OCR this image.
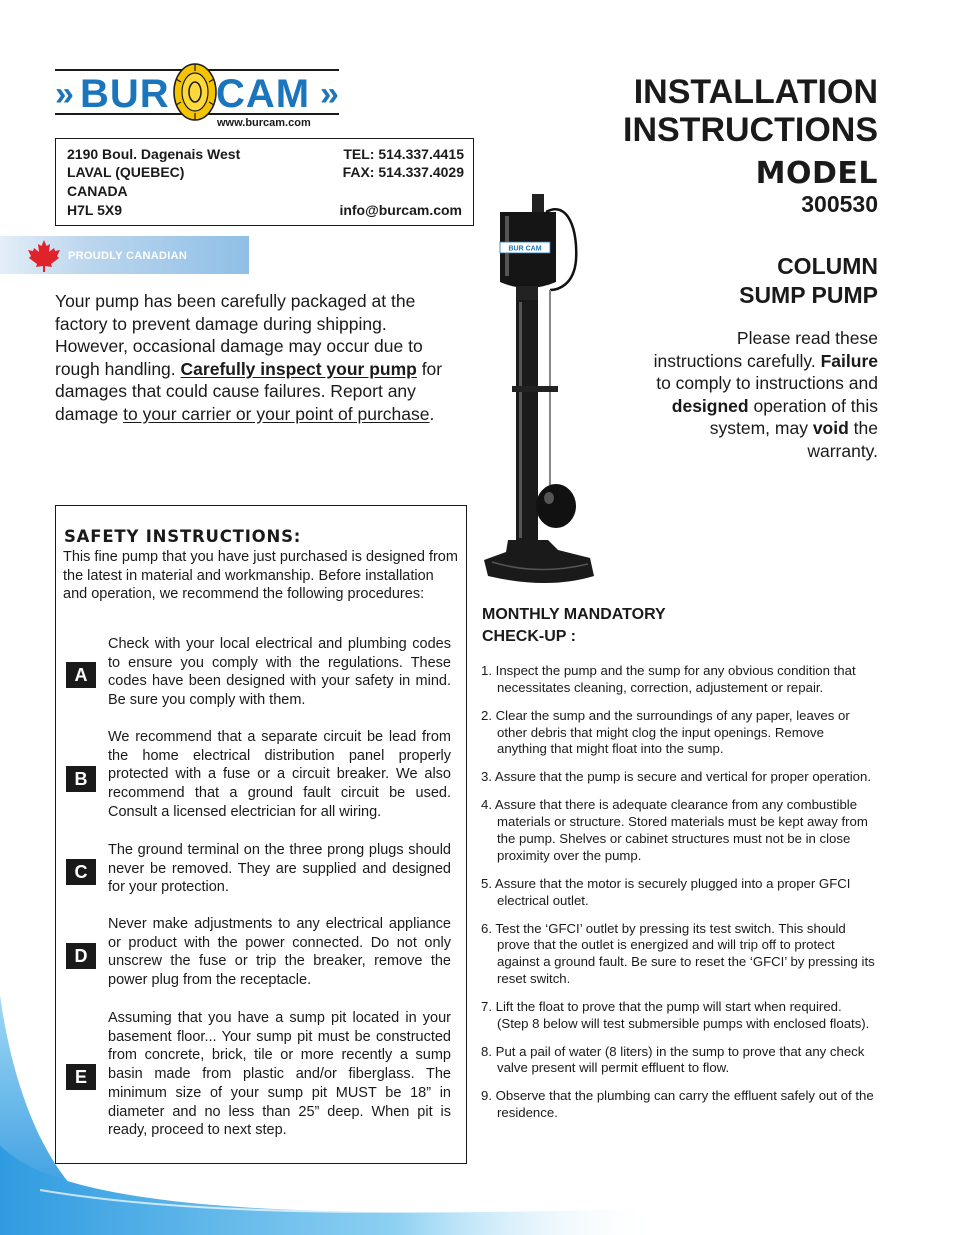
» BUR CAM »
www.burcam.com
2190 Boul. Dagenais West
LAVAL (QUEBEC)
CANADA
H7L 5X9
TEL: 514.337.4415
FAX: 514.337.4029
info@burcam.com
PROUDLY CANADIAN
Your pump has been carefully packaged at the factory to prevent damage during shipping. However, occasional damage may occur due to rough handling. Carefully inspect your pump for damages that could cause failures. Report any damage to your carrier or your point of purchase.
BUR CAM
INSTALLATION
INSTRUCTIONS
MODEL
300530
COLUMN
SUMP PUMP
Please read these instructions carefully. Failure to comply to instructions and designed operation of this system, may void the warranty.
SAFETY INSTRUCTIONS:
This fine pump that you have just purchased is designed from the latest in material and workmanship. Before installation and operation, we recommend the following procedures:
A
Check with your local electrical and plumbing codes to ensure you comply with the regulations. These codes have been designed with your safety in mind. Be sure you comply with them.
B
We recommend that a separate circuit be lead from the home electrical distribution panel properly protected with a fuse or a circuit breaker. We also recommend that a ground fault circuit be used. Consult a licensed electrician for all wiring.
C
The ground terminal on the three prong plugs should never be removed. They are supplied and designed for your protection.
D
Never make adjustments to any electrical appliance or product with the power connected. Do not only unscrew the fuse or trip the breaker, remove the power plug from the receptacle.
E
Assuming that you have a sump pit located in your basement floor... Your sump pit must be constructed from concrete, brick, tile or more recently a sump basin made from plastic and/or fiberglass. The minimum size of your sump pit MUST be 18” in diameter and no less than 25” deep. When pit is ready, proceed to next step.
MONTHLY MANDATORY
CHECK-UP :
1. Inspect the pump and the sump for any obvious condition that necessitates cleaning, correction, adjustement or repair.
2. Clear the sump and the surroundings of any paper, leaves or other debris that might clog the input openings. Remove anything that might float into the sump.
3. Assure that the pump is secure and vertical for proper operation.
4. Assure that there is adequate clearance from any combustible materials or structure. Stored materials must be kept away from the pump. Shelves or cabinet structures must not be in close proximity over the pump.
5. Assure that the motor is securely plugged into a proper GFCI electrical outlet.
6. Test the ‘GFCI’ outlet by pressing its test switch. This should prove that the outlet is energized and will trip off to protect against a ground fault. Be sure to reset the ‘GFCI’ by pressing its reset switch.
7. Lift the float to prove that the pump will start when required. (Step 8 below will test submersible pumps with enclosed floats).
8. Put a pail of water (8 liters) in the sump to prove that any check valve present will permit effluent to flow.
9. Observe that the plumbing can carry the effluent safely out of the residence.
